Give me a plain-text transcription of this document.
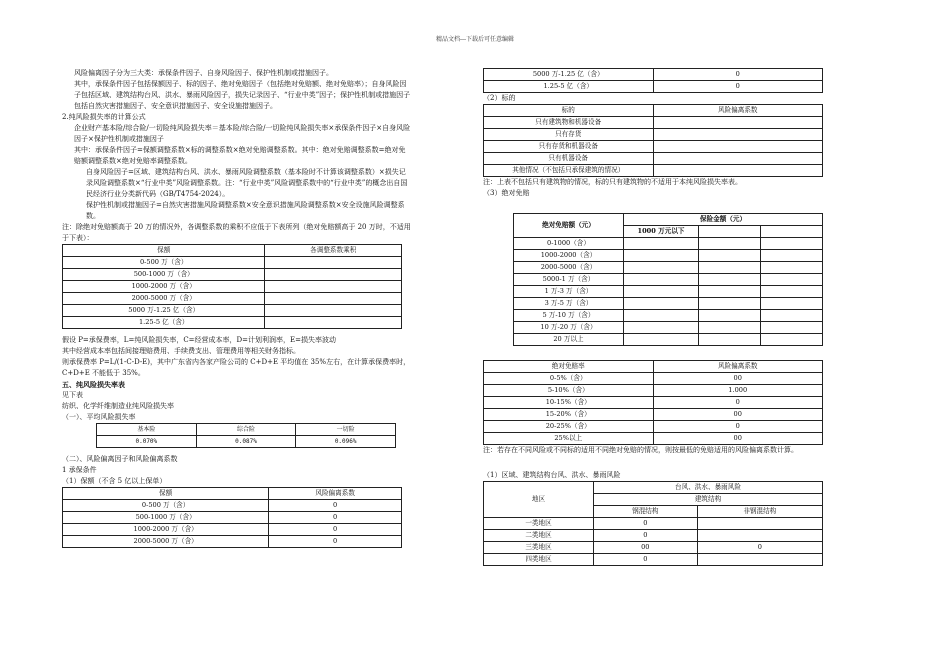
精品文档---下载后可任意编辑

风险偏离因子分为三大类：承保条件因子、自身风险因子、保护性机制或措施因子。

其中，承保条件因子包括保额因子、标的因子、绝对免赔因子（包括绝对免赔额、绝对免赔率）；自身风险因子包括区域、建筑结构台风、洪水、暴雨风险因子，损失记录因子、“行业中类”因子；保护性机制或措施因子包括自然灾害措施因子、安全意识措施因子、安全设施措施因子。

2.纯风险损失率的计算公式

企业财产基本险/综合险/一切险纯风险损失率＝基本险/综合险/一切险纯风险损失率×承保条件因子×自身风险因子×保护性机制或措施因子

其中：承保条件因子=保额调整系数×标的调整系数×绝对免赔调整系数。其中：绝对免赔调整系数=绝对免赔额调整系数×绝对免赔率调整系数。

自身风险因子=区域、建筑结构台风、洪水、暴雨风险调整系数（基本险时不计算该调整系数）×损失记录风险调整系数×“行业中类”风险调整系数。注：“行业中类”风险调整系数中的“行业中类”的概念出自国民经济行业分类新代码（GB/T4754-2024）。

保护性机制或措施因子=自然灾害措施风险调整系数×安全意识措施风险调整系数×安全设施风险调整系数。

注：除绝对免赔额高于 20 万的情况外，各调整系数的乘积不应低于下表所列（绝对免赔额高于 20 万时，不适用于下表）：

保额	各调整系数乘积
0-500 万（含）	
500-1000 万（含）	
1000-2000 万（含）	
2000-5000 万（含）	
5000 万-1.25 亿（含）	
1.25-5 亿（含）	

假设 P=承保费率，L=纯风险损失率，C=经营成本率，D=计划利润率，E=损失率波动

其中经营成本率包括间接理赔费用、手续费支出、管理费用等相关财务指标。

则承保费率 P=L/(1-C-D-E)，其中广东省内各家产险公司的 C+D+E 平均值在 35%左右，在计算承保费率时，C+D+E 不能低于 35%。

五、纯风险损失率表

见下表

纺织、化学纤维制造业纯风险损失率

（一）、平均风险损失率

基本险	综合险	一切险
0.070%	0.087%	0.096%

（二）、风险偏离因子和风险偏离系数

1 承保条件

（1）保额（不含 5 亿以上保单）

保额	风险偏离系数
0-500 万（含）	0
500-1000 万（含）	0
1000-2000 万（含）	0
2000-5000 万（含）	0
5000 万-1.25 亿（含）	0
1.25-5 亿（含）	0

（2）标的

标的	风险偏离系数
只有建筑物和机器设备	
只有存货	
只有存货和机器设备	
只有机器设备	
其他情况（不包括只承保建筑的情况）	

注：上表不包括只有建筑物的情况，标的只有建筑物的不适用于本纯风险损失率表。

（3）绝对免赔

绝对免赔额（元）	保险金额（元）		
	1000 万元以下		
0-1000（含）			
1000-2000（含）			
2000-5000（含）			
5000-1 万（含）			
1 万-3 万（含）			
3 万-5 万（含）			
5 万-10 万（含）			
10 万-20 万（含）			
20 万以上			
绝对免赔率	风险偏离系数
0-5%（含）	00
5-10%（含）	1.000
10-15%（含）	0
15-20%（含）	00
20-25%（含）	0
25%以上	00

注：若存在不同风险或不同标的适用不同绝对免赔的情况，则按最低的免赔适用的风险偏离系数计算。

（1）区域、建筑结构台风、洪水、暴雨风险

地区	台风、洪水、暴雨风险	
	建筑结构	
	钢混结构	非钢混结构
一类地区	0	
二类地区	0	
三类地区	00	0
四类地区	0	
